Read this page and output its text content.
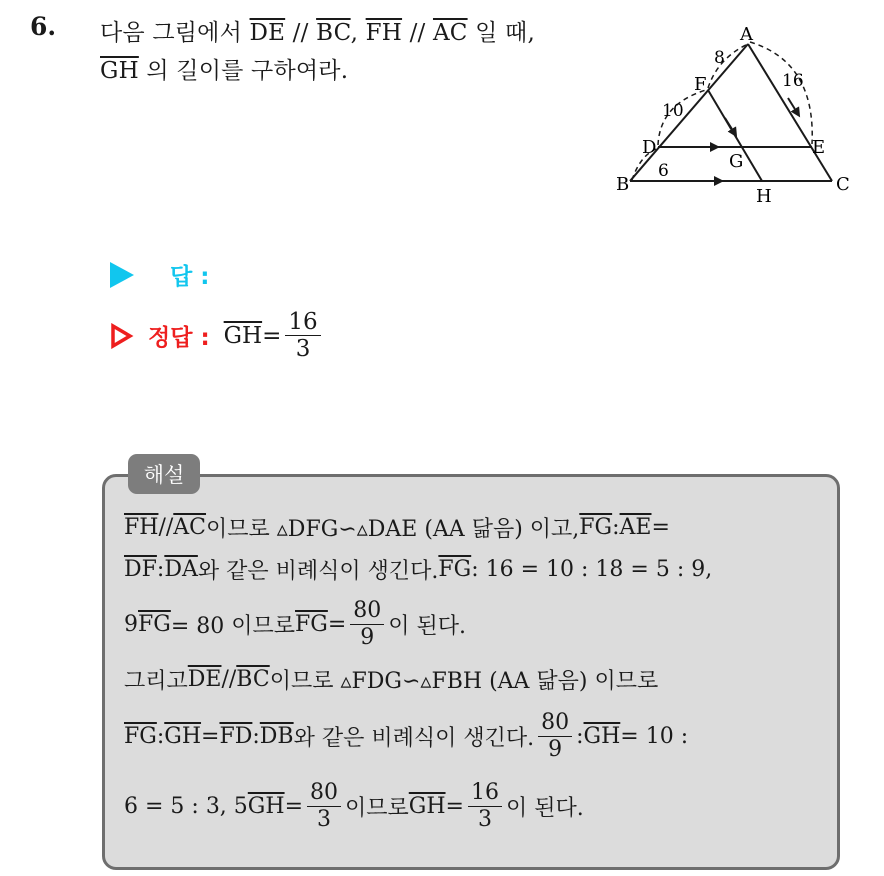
6. 다음 그림에서 $\overline{DE} // \overline{BC}$, $\overline{FH} // \overline{AC}$ 일 때,
$\overline{GH}$ 의 길이를 구하여라.
A
B	C
D	E
F
G
H
8
10
6
16
답 :
정답 : $\overline{GH} = \frac{16}{3}$
해설
$\overline{FH} // \overline{AC}$ 이므로 ▵DFG∽▵DAE (AA 닮음) 이고, $\overline{FG}$ : $\overline{AE}$ =
$\overline{DF}$ : $\overline{DA}$ 와 같은 비례식이 생긴다. $\overline{FG}$ : 16 = 10 : 18 = 5 : 9,
9 $\overline{FG} = 80$ 이므로 $\overline{FG} = \frac{80}{9}$ 이 된다.
그리고 $\overline{DE} // \overline{BC}$ 이므로 ▵FDG∽▵FBH (AA 닮음) 이므로
$\overline{FG}$ : $\overline{GH} = \overline{FD}$ : $\overline{DB}$ 와 같은 비례식이 생긴다. $\frac{80}{9}$ : $\overline{GH} = 10$ :
6 = 5 : 3, 5 $\overline{GH} = \frac{80}{3}$ 이므로 $\overline{GH} = \frac{16}{3}$ 이 된다.
